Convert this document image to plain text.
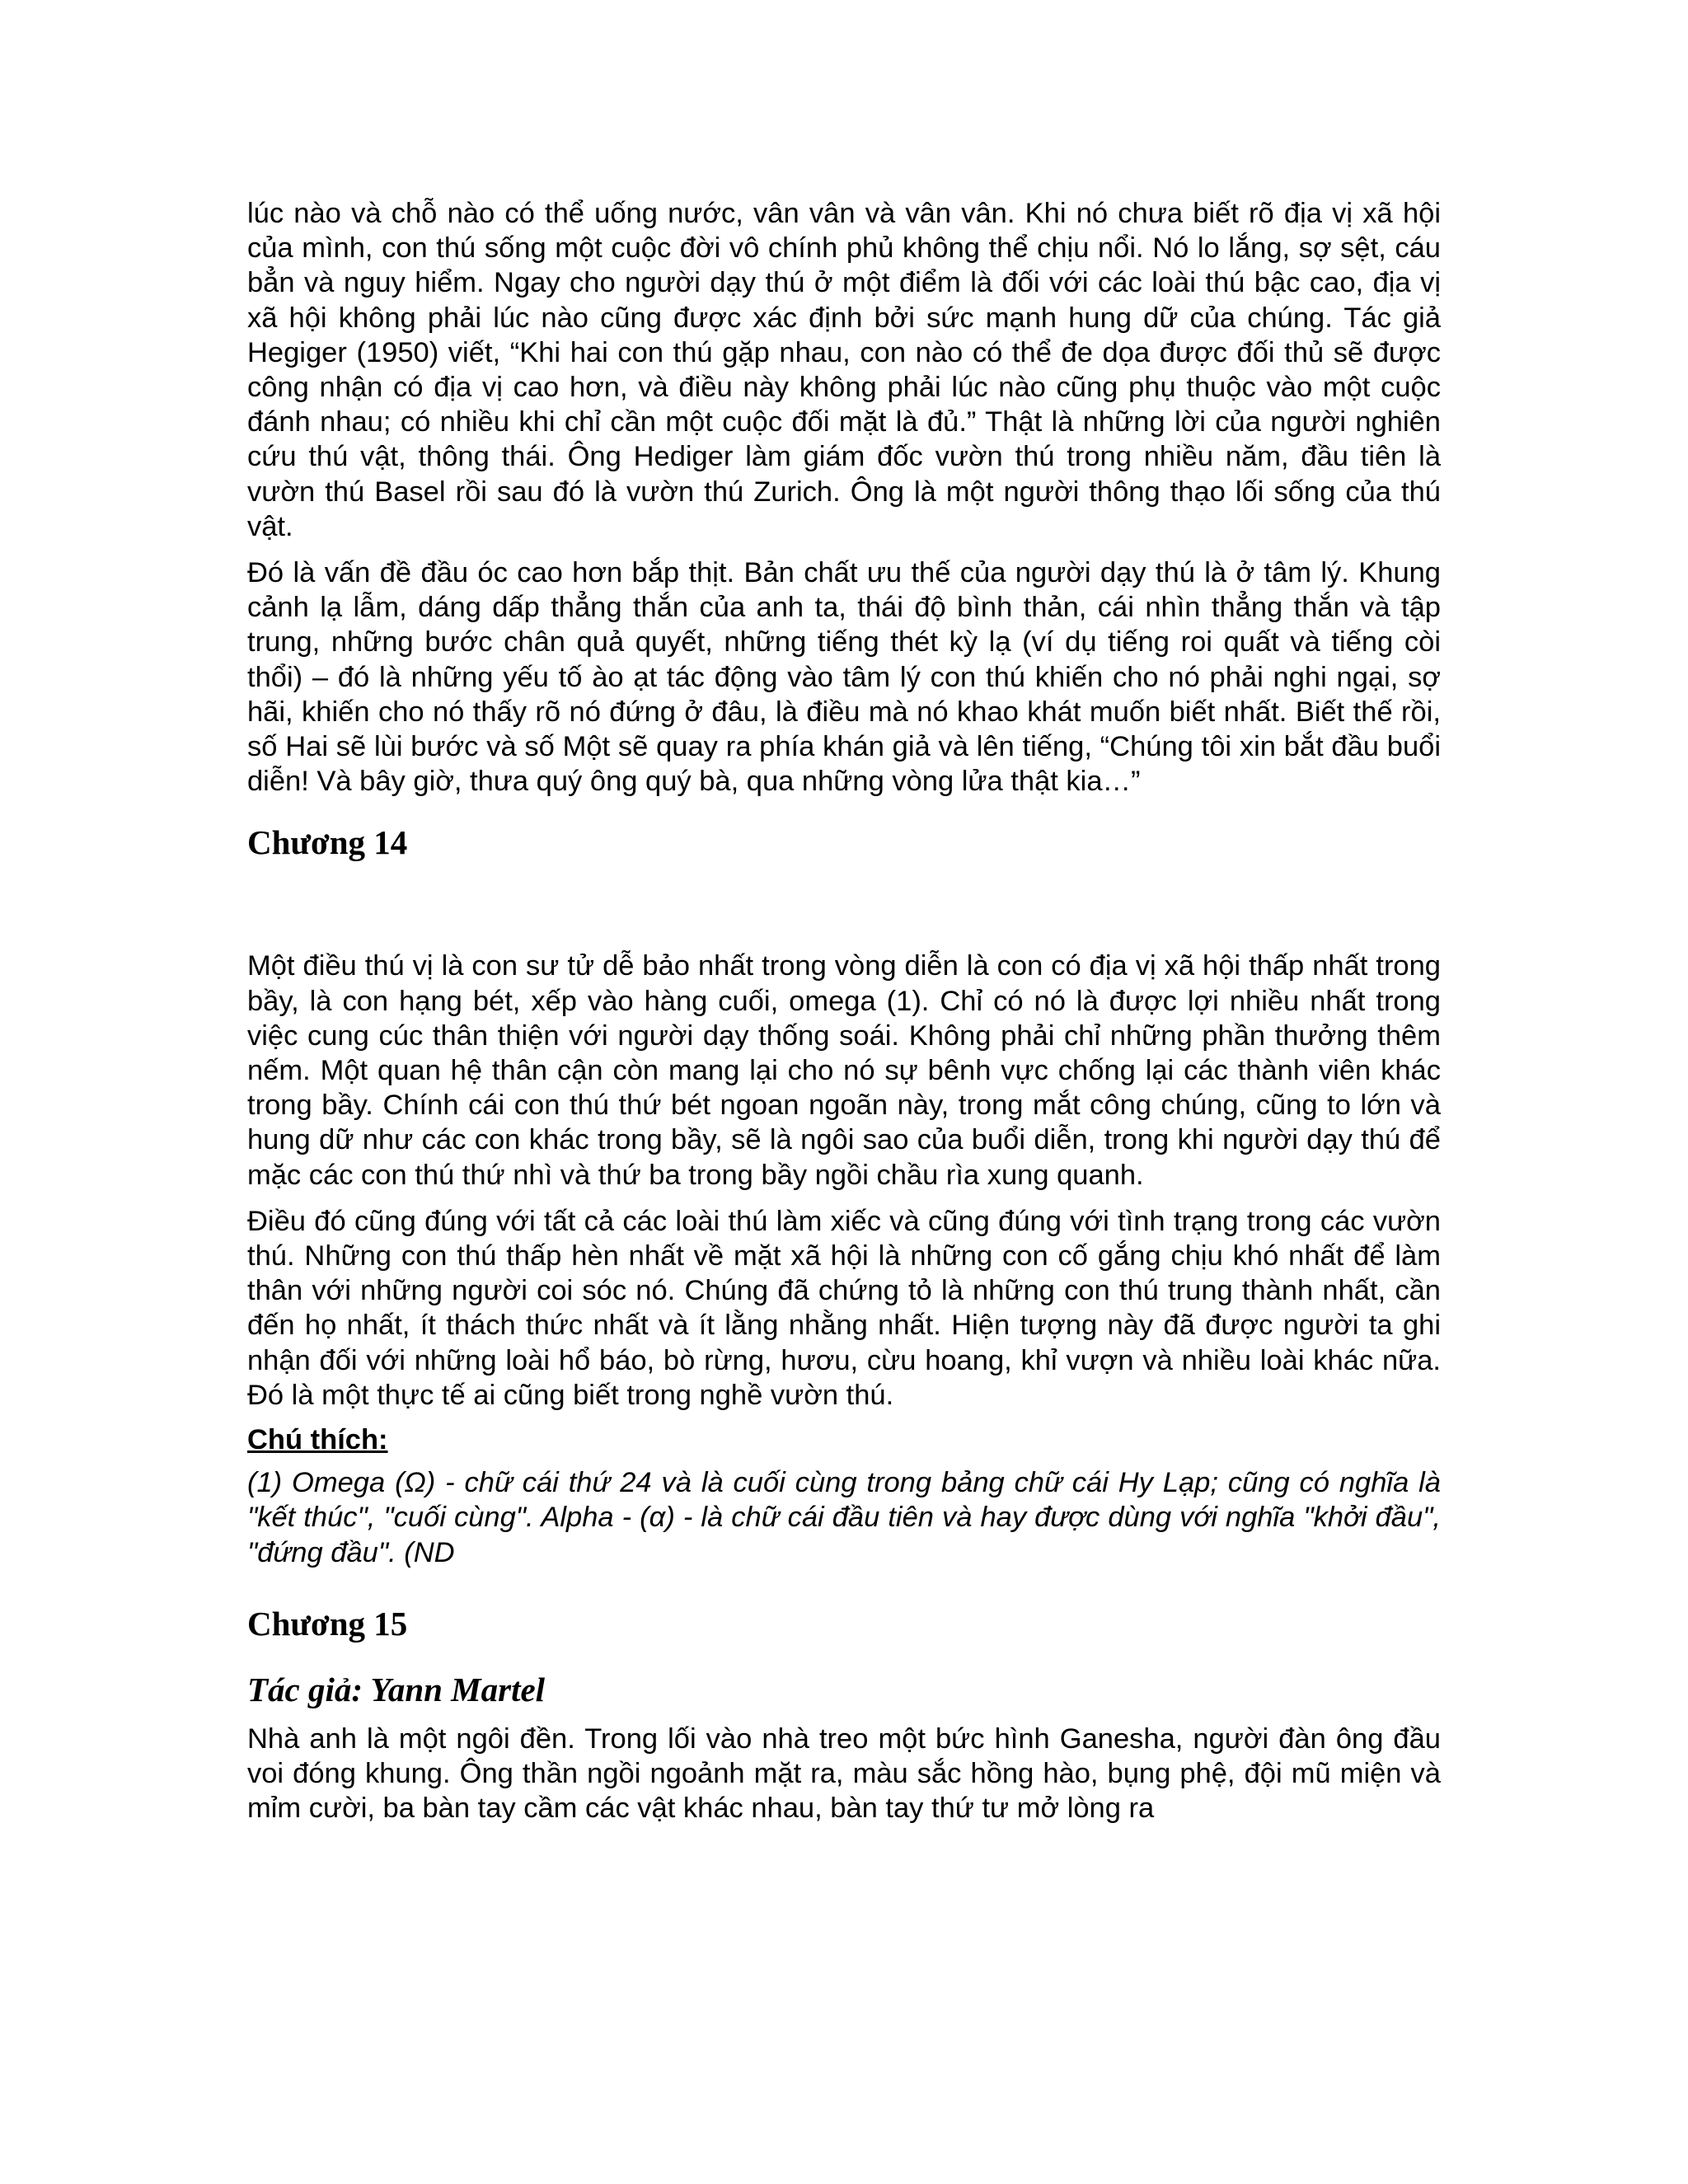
lúc nào và chỗ nào có thể uống nước, vân vân và vân vân. Khi nó chưa biết rõ địa vị xã hội của mình, con thú sống một cuộc đời vô chính phủ không thể chịu nổi. Nó lo lắng, sợ sệt, cáu bẳn và nguy hiểm. Ngay cho người dạy thú ở một điểm là đối với các loài thú bậc cao, địa vị xã hội không phải lúc nào cũng được xác định bởi sức mạnh hung dữ của chúng. Tác giả Hegiger (1950) viết, “Khi hai con thú gặp nhau, con nào có thể đe dọa được đối thủ sẽ được công nhận có địa vị cao hơn, và điều này không phải lúc nào cũng phụ thuộc vào một cuộc đánh nhau; có nhiều khi chỉ cần một cuộc đối mặt là đủ.” Thật là những lời của người nghiên cứu thú vật, thông thái. Ông Hediger làm giám đốc vườn thú trong nhiều năm, đầu tiên là vườn thú Basel rồi sau đó là vườn thú Zurich. Ông là một người thông thạo lối sống của thú vật.

Đó là vấn đề đầu óc cao hơn bắp thịt. Bản chất ưu thế của người dạy thú là ở tâm lý. Khung cảnh lạ lẫm, dáng dấp thẳng thắn của anh ta, thái độ bình thản, cái nhìn thẳng thắn và tập trung, những bước chân quả quyết, những tiếng thét kỳ lạ (ví dụ tiếng roi quất và tiếng còi thổi) – đó là những yếu tố ào ạt tác động vào tâm lý con thú khiến cho nó phải nghi ngại, sợ hãi, khiến cho nó thấy rõ nó đứng ở đâu, là điều mà nó khao khát muốn biết nhất. Biết thế rồi, số Hai sẽ lùi bước và số Một sẽ quay ra phía khán giả và lên tiếng, “Chúng tôi xin bắt đầu buổi diễn! Và bây giờ, thưa quý ông quý bà, qua những vòng lửa thật kia…”

Chương 14

Một điều thú vị là con sư tử dễ bảo nhất trong vòng diễn là con có địa vị xã hội thấp nhất trong bầy, là con hạng bét, xếp vào hàng cuối, omega (1). Chỉ có nó là được lợi nhiều nhất trong việc cung cúc thân thiện với người dạy thống soái. Không phải chỉ những phần thưởng thêm nếm. Một quan hệ thân cận còn mang lại cho nó sự bênh vực chống lại các thành viên khác trong bầy. Chính cái con thú thứ bét ngoan ngoãn này, trong mắt công chúng, cũng to lớn và hung dữ như các con khác trong bầy, sẽ là ngôi sao của buổi diễn, trong khi người dạy thú để mặc các con thú thứ nhì và thứ ba trong bầy ngồi chầu rìa xung quanh.

Điều đó cũng đúng với tất cả các loài thú làm xiếc và cũng đúng với tình trạng trong các vườn thú. Những con thú thấp hèn nhất về mặt xã hội là những con cố gắng chịu khó nhất để làm thân với những người coi sóc nó. Chúng đã chứng tỏ là những con thú trung thành nhất, cần đến họ nhất, ít thách thức nhất và ít lằng nhằng nhất. Hiện tượng này đã được người ta ghi nhận đối với những loài hổ báo, bò rừng, hươu, cừu hoang, khỉ vượn và nhiều loài khác nữa. Đó là một thực tế ai cũng biết trong nghề vườn thú.

Chú thích:

(1) Omega (Ω) - chữ cái thứ 24 và là cuối cùng trong bảng chữ cái Hy Lạp; cũng có nghĩa là "kết thúc", "cuối cùng". Alpha - (α) - là chữ cái đầu tiên và hay được dùng với nghĩa "khởi đầu", "đứng đầu". (ND

Chương 15
Tác giả: Yann Martel

Nhà anh là một ngôi đền. Trong lối vào nhà treo một bức hình Ganesha, người đàn ông đầu voi đóng khung. Ông thần ngồi ngoảnh mặt ra, màu sắc hồng hào, bụng phệ, đội mũ miện và mỉm cười, ba bàn tay cầm các vật khác nhau, bàn tay thứ tư mở lòng ra
